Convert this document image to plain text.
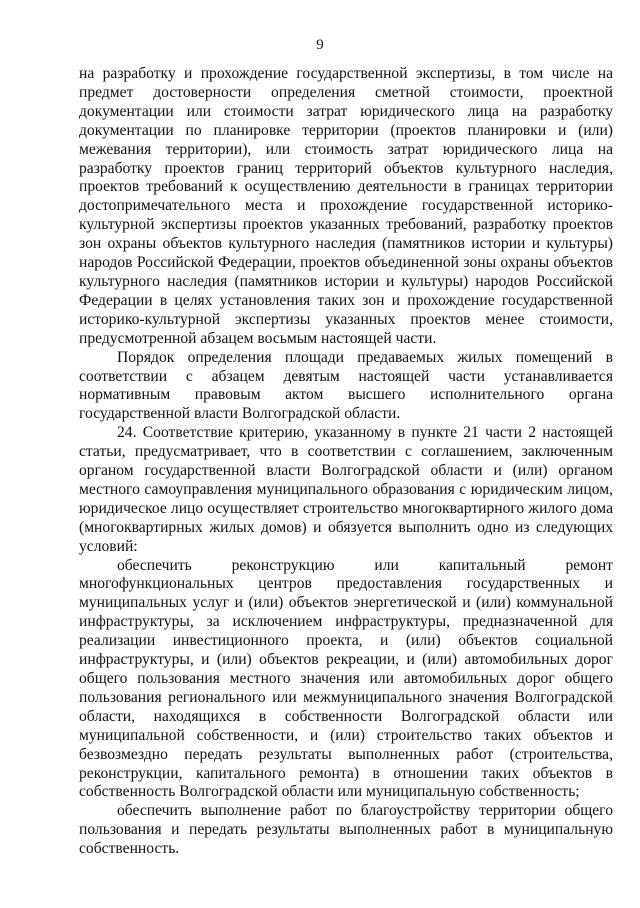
9

на разработку и прохождение государственной экспертизы, в том числе на предмет достоверности определения сметной стоимости, проектной документации или стоимости затрат юридического лица на разработку документации по планировке территории (проектов планировки и (или) межевания территории), или стоимость затрат юридического лица на разработку проектов границ территорий объектов культурного наследия, проектов требований к осуществлению деятельности в границах территории достопримечательного места и прохождение государственной историко-культурной экспертизы проектов указанных требований, разработку проектов зон охраны объектов культурного наследия (памятников истории и культуры) народов Российской Федерации, проектов объединенной зоны охраны объектов культурного наследия (памятников истории и культуры) народов Российской Федерации в целях установления таких зон и прохождение государственной историко-культурной экспертизы указанных проектов менее стоимости, предусмотренной абзацем восьмым настоящей части.

Порядок определения площади предаваемых жилых помещений в соответствии с абзацем девятым настоящей части устанавливается нормативным правовым актом высшего исполнительного органа государственной власти Волгоградской области.

24. Соответствие критерию, указанному в пункте 21 части 2 настоящей статьи, предусматривает, что в соответствии с соглашением, заключенным органом государственной власти Волгоградской области и (или) органом местного самоуправления муниципального образования с юридическим лицом, юридическое лицо осуществляет строительство многоквартирного жилого дома (многоквартирных жилых домов) и обязуется выполнить одно из следующих условий:

обеспечить реконструкцию или капитальный ремонт многофункциональных центров предоставления государственных и муниципальных услуг и (или) объектов энергетической и (или) коммунальной инфраструктуры, за исключением инфраструктуры, предназначенной для реализации инвестиционного проекта, и (или) объектов социальной инфраструктуры, и (или) объектов рекреации, и (или) автомобильных дорог общего пользования местного значения или автомобильных дорог общего пользования регионального или межмуниципального значения Волгоградской области, находящихся в собственности Волгоградской области или муниципальной собственности, и (или) строительство таких объектов и безвозмездно передать результаты выполненных работ (строительства, реконструкции, капитального ремонта) в отношении таких объектов в собственность Волгоградской области или муниципальную собственность;

обеспечить выполнение работ по благоустройству территории общего пользования и передать результаты выполненных работ в муниципальную собственность.
